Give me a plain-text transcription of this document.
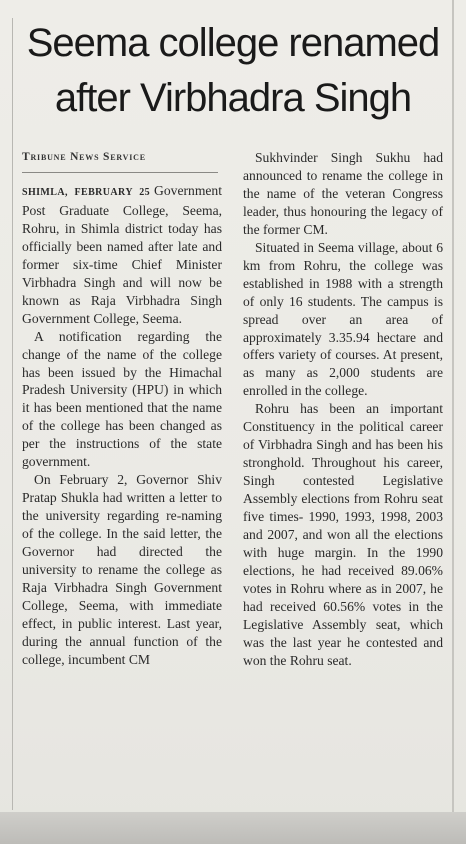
Seema college renamed
after Virbhadra Singh
Tribune News Service

SHIMLA, FEBRUARY 25 Government Post Graduate College, Seema, Rohru, in Shimla district today has officially been named after late and former six-time Chief Minister Virbhadra Singh and will now be known as Raja Virbhadra Singh Government College, Seema.

A notification regarding the change of the name of the college has been issued by the Himachal Pradesh University (HPU) in which it has been mentioned that the name of the college has been changed as per the instructions of the state government.

On February 2, Governor Shiv Pratap Shukla had written a letter to the university regarding re-naming of the college. In the said letter, the Governor had directed the university to rename the college as Raja Virbhadra Singh Government College, Seema, with immediate effect, in public interest. Last year, during the annual function of the college, incumbent CM

Sukhvinder Singh Sukhu had announced to rename the college in the name of the veteran Congress leader, thus honouring the legacy of the former CM.

Situated in Seema village, about 6 km from Rohru, the college was established in 1988 with a strength of only 16 students. The campus is spread over an area of approximately 3.35.94 hectare and offers variety of courses. At present, as many as 2,000 students are enrolled in the college.

Rohru has been an important Constituency in the political career of Virbhadra Singh and has been his stronghold. Throughout his career, Singh contested Legislative Assembly elections from Rohru seat five times- 1990, 1993, 1998, 2003 and 2007, and won all the elections with huge margin. In the 1990 elections, he had received 89.06% votes in Rohru where as in 2007, he had received 60.56% votes in the Legislative Assembly seat, which was the last year he contested and won the Rohru seat.
